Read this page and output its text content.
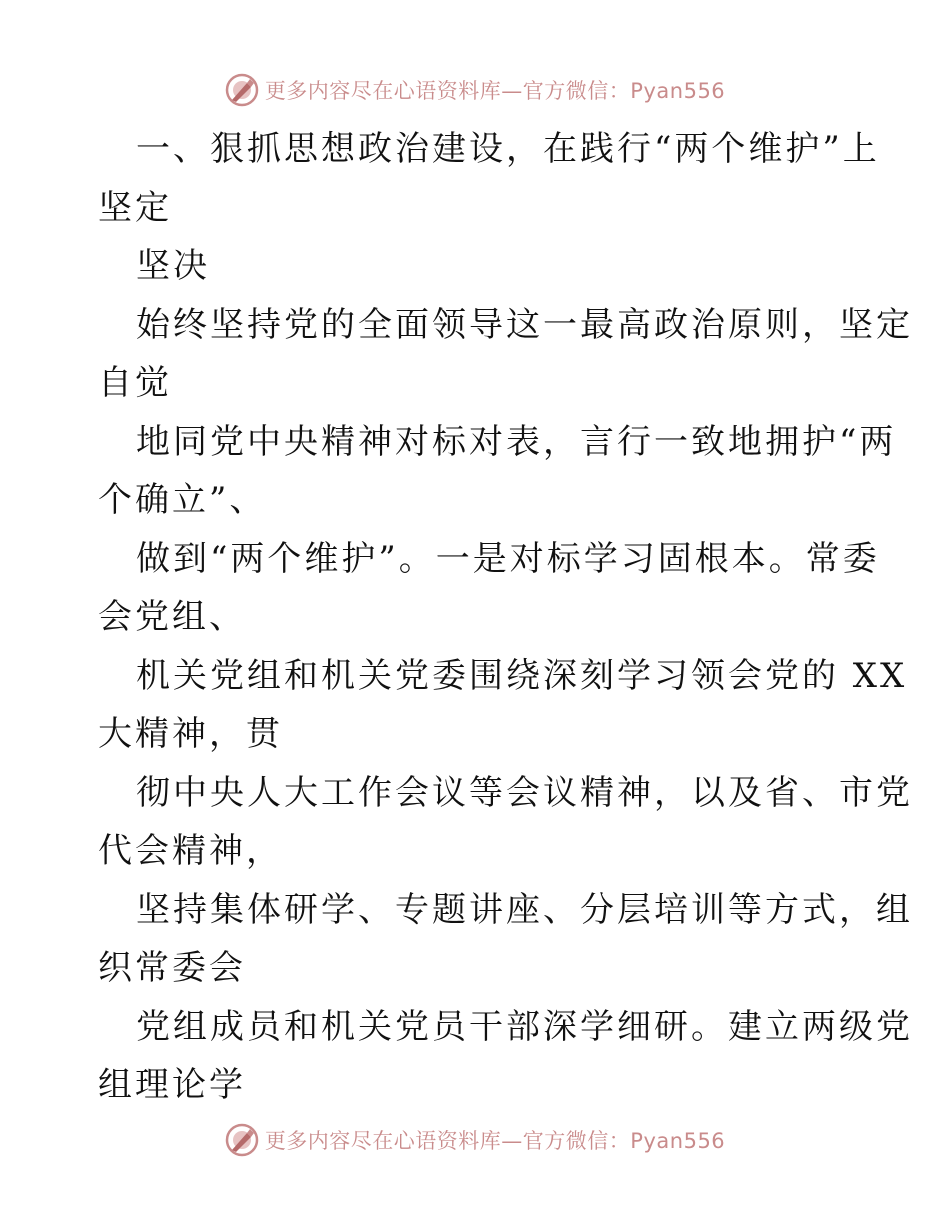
更多内容尽在心语资料库—官方微信：Pyan556
一、狠抓思想政治建设，在践行“两个维护”上
坚定
坚决
始终坚持党的全面领导这一最高政治原则，坚定
自觉
地同党中央精神对标对表，言行一致地拥护“两
个确立”、
做到“两个维护”。一是对标学习固根本。常委
会党组、
机关党组和机关党委围绕深刻学习领会党的 XX
大精神，贯
彻中央人大工作会议等会议精神，以及省、市党
代会精神，
坚持集体研学、专题讲座、分层培训等方式，组
织常委会
党组成员和机关党员干部深学细研。建立两级党
组理论学
更多内容尽在心语资料库—官方微信：Pyan556
